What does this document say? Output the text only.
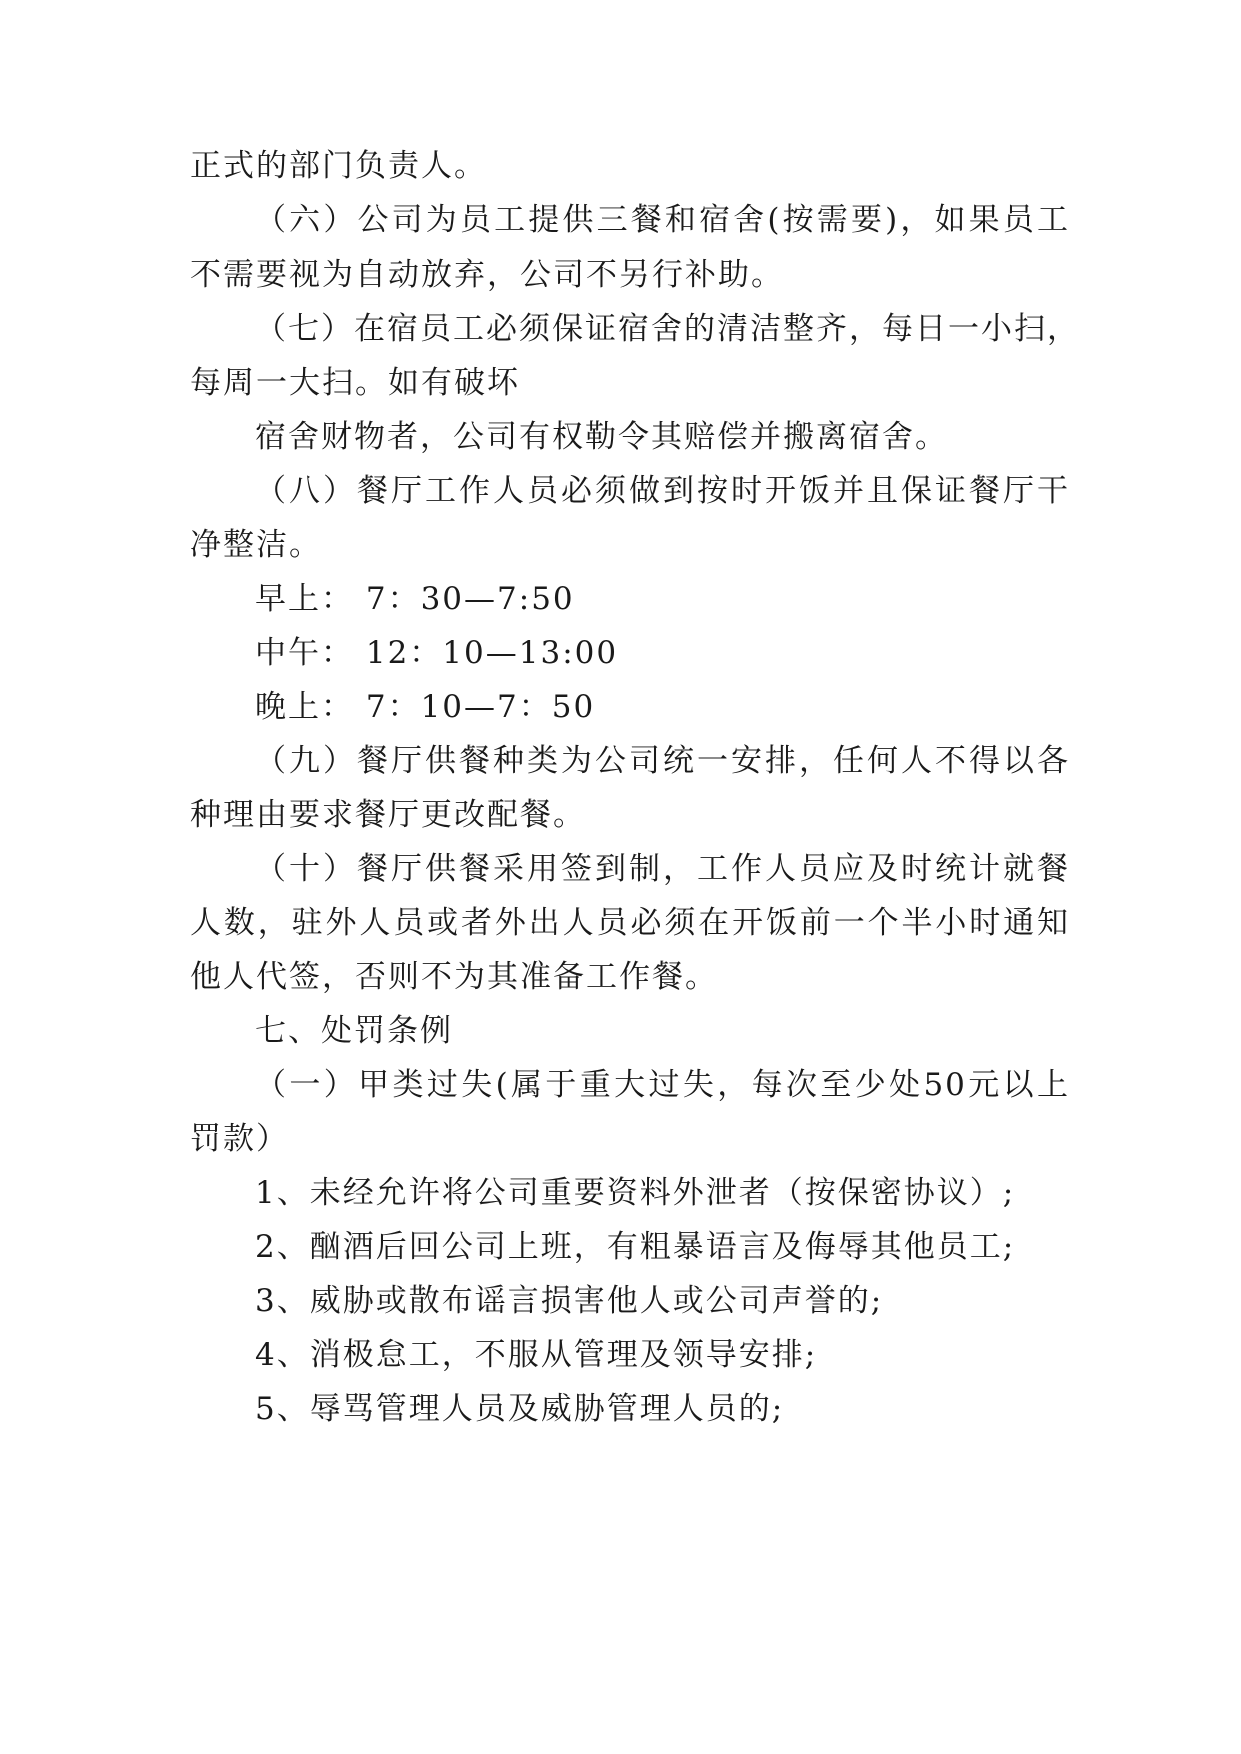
正式的部门负责人。
（六）公司为员工提供三餐和宿舍(按需要)，如果员工
不需要视为自动放弃，公司不另行补助。
（七）在宿员工必须保证宿舍的清洁整齐，每日一小扫，
每周一大扫。如有破坏
宿舍财物者，公司有权勒令其赔偿并搬离宿舍。
（八）餐厅工作人员必须做到按时开饭并且保证餐厅干
净整洁。
早上： 7：30—7:50
中午： 12：10—13:00
晚上： 7：10—7：50
（九）餐厅供餐种类为公司统一安排，任何人不得以各
种理由要求餐厅更改配餐。
（十）餐厅供餐采用签到制，工作人员应及时统计就餐
人数，驻外人员或者外出人员必须在开饭前一个半小时通知
他人代签，否则不为其准备工作餐。
七、处罚条例
（一）甲类过失(属于重大过失，每次至少处50元以上
罚款）
1、未经允许将公司重要资料外泄者（按保密协议）;
2、酗酒后回公司上班，有粗暴语言及侮辱其他员工;
3、威胁或散布谣言损害他人或公司声誉的;
4、消极怠工，不服从管理及领导安排;
5、辱骂管理人员及威胁管理人员的;
